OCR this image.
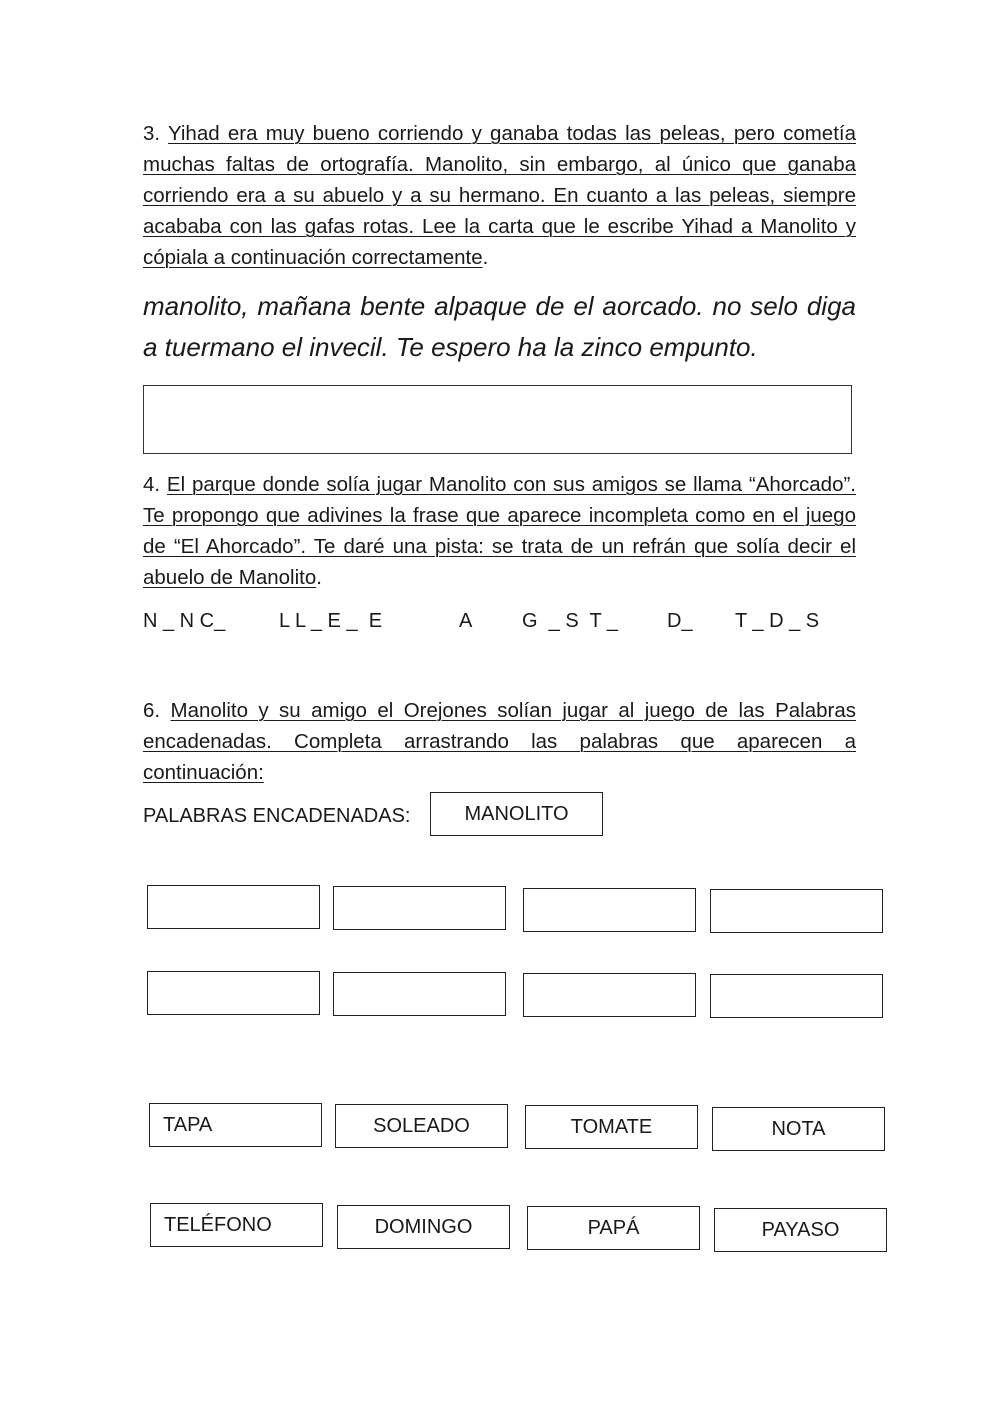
3. Yihad era muy bueno corriendo y ganaba todas las peleas, pero cometía muchas faltas de ortografía. Manolito, sin embargo, al único que ganaba corriendo era a su abuelo y a su hermano. En cuanto a las peleas, siempre acababa con las gafas rotas. Lee la carta que le escribe Yihad a Manolito y cópiala a continuación correctamente.
manolito, mañana bente alpaque de el aorcado. no selo diga a tuermano el invecil. Te espero ha la zinco empunto.
4. El parque donde solía jugar Manolito con sus amigos se llama “Ahorcado”. Te propongo que adivines la frase que aparece incompleta como en el juego de “El Ahorcado”. Te daré una pista: se trata de un refrán que solía decir el abuelo de Manolito.
N _ N C_	L L _ E _  E	A G  _ S  T _ D_ T _ D _ S
6. Manolito y su amigo el Orejones solían jugar al juego de las Palabras encadenadas. Completa arrastrando las palabras que aparecen a continuación:
PALABRAS ENCADENADAS:	MANOLITO
TAPA	SOLEADO	TOMATE	NOTA
TELÉFONO	DOMINGO	PAPÁ	PAYASO
